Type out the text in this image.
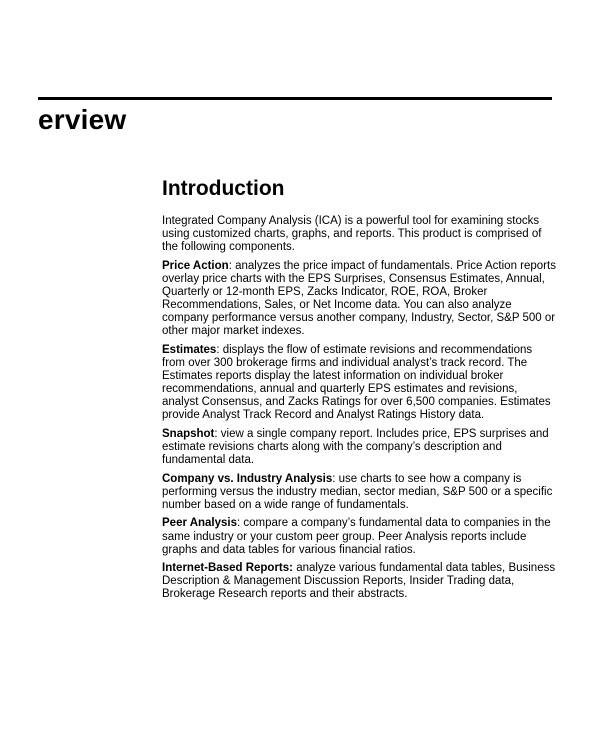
erview
Introduction

Integrated Company Analysis (ICA) is a powerful tool for examining stocks using customized charts, graphs, and reports. This product is comprised of the following components.

Price Action: analyzes the price impact of fundamentals. Price Action reports overlay price charts with the EPS Surprises, Consensus Estimates, Annual, Quarterly or 12-month EPS, Zacks Indicator, ROE, ROA, Broker Recommendations, Sales, or Net Income data. You can also analyze company performance versus another company, Industry, Sector, S&P 500 or other major market indexes.

Estimates: displays the flow of estimate revisions and recommendations from over 300 brokerage firms and individual analyst’s track record. The Estimates reports display the latest information on individual broker recommendations, annual and quarterly EPS estimates and revisions, analyst Consensus, and Zacks Ratings for over 6,500 companies. Estimates provide Analyst Track Record and Analyst Ratings History data.

Snapshot: view a single company report. Includes price, EPS surprises and estimate revisions charts along with the company’s description and fundamental data.

Company vs. Industry Analysis: use charts to see how a company is performing versus the industry median, sector median, S&P 500 or a specific number based on a wide range of fundamentals.

Peer Analysis: compare a company’s fundamental data to companies in the same industry or your custom peer group. Peer Analysis reports include graphs and data tables for various financial ratios.

Internet-Based Reports: analyze various fundamental data tables, Business Description & Management Discussion Reports, Insider Trading data, Brokerage Research reports and their abstracts.
